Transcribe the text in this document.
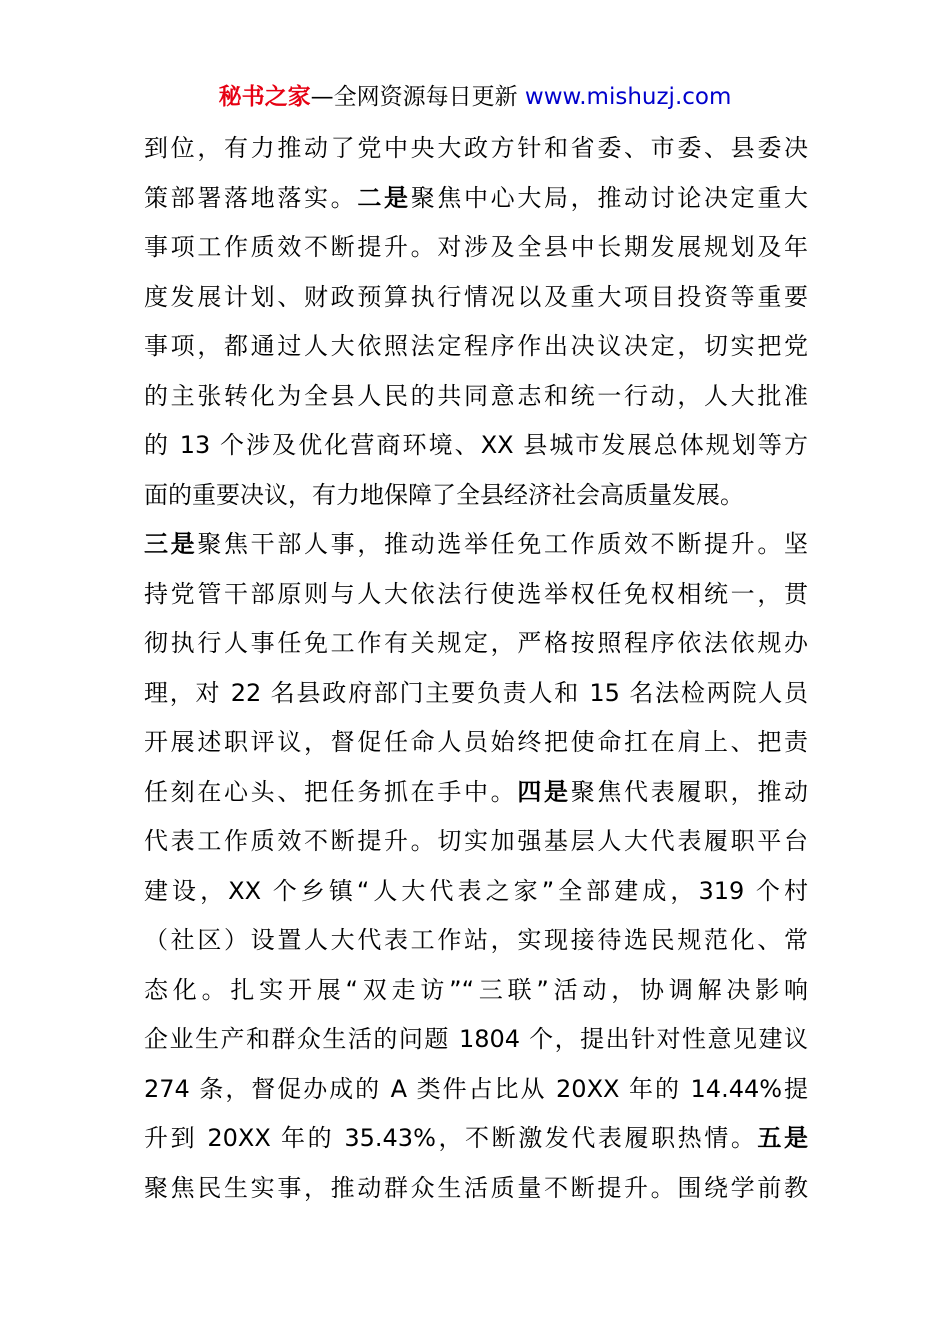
秘书之家—全网资源每日更新 www.mishuzj.com
到位，有力推动了党中央大政方针和省委、市委、县委决
策部署落地落实。二是聚焦中心大局，推动讨论决定重大
事项工作质效不断提升。对涉及全县中长期发展规划及年
度发展计划、财政预算执行情况以及重大项目投资等重要
事项，都通过人大依照法定程序作出决议决定，切实把党
的主张转化为全县人民的共同意志和统一行动，人大批准
的 13 个涉及优化营商环境、XX 县城市发展总体规划等方
面的重要决议，有力地保障了全县经济社会高质量发展。
三是聚焦干部人事，推动选举任免工作质效不断提升。坚
持党管干部原则与人大依法行使选举权任免权相统一，贯
彻执行人事任免工作有关规定，严格按照程序依法依规办
理，对 22 名县政府部门主要负责人和 15 名法检两院人员
开展述职评议，督促任命人员始终把使命扛在肩上、把责
任刻在心头、把任务抓在手中。四是聚焦代表履职，推动
代表工作质效不断提升。切实加强基层人大代表履职平台
建设，XX 个乡镇“人大代表之家”全部建成，319 个村
（社区）设置人大代表工作站，实现接待选民规范化、常
态化。扎实开展“双走访”“三联”活动，协调解决影响
企业生产和群众生活的问题 1804 个，提出针对性意见建议
274 条，督促办成的 A 类件占比从 20XX 年的 14.44%提
升到 20XX 年的 35.43%，不断激发代表履职热情。五是
聚焦民生实事，推动群众生活质量不断提升。围绕学前教
